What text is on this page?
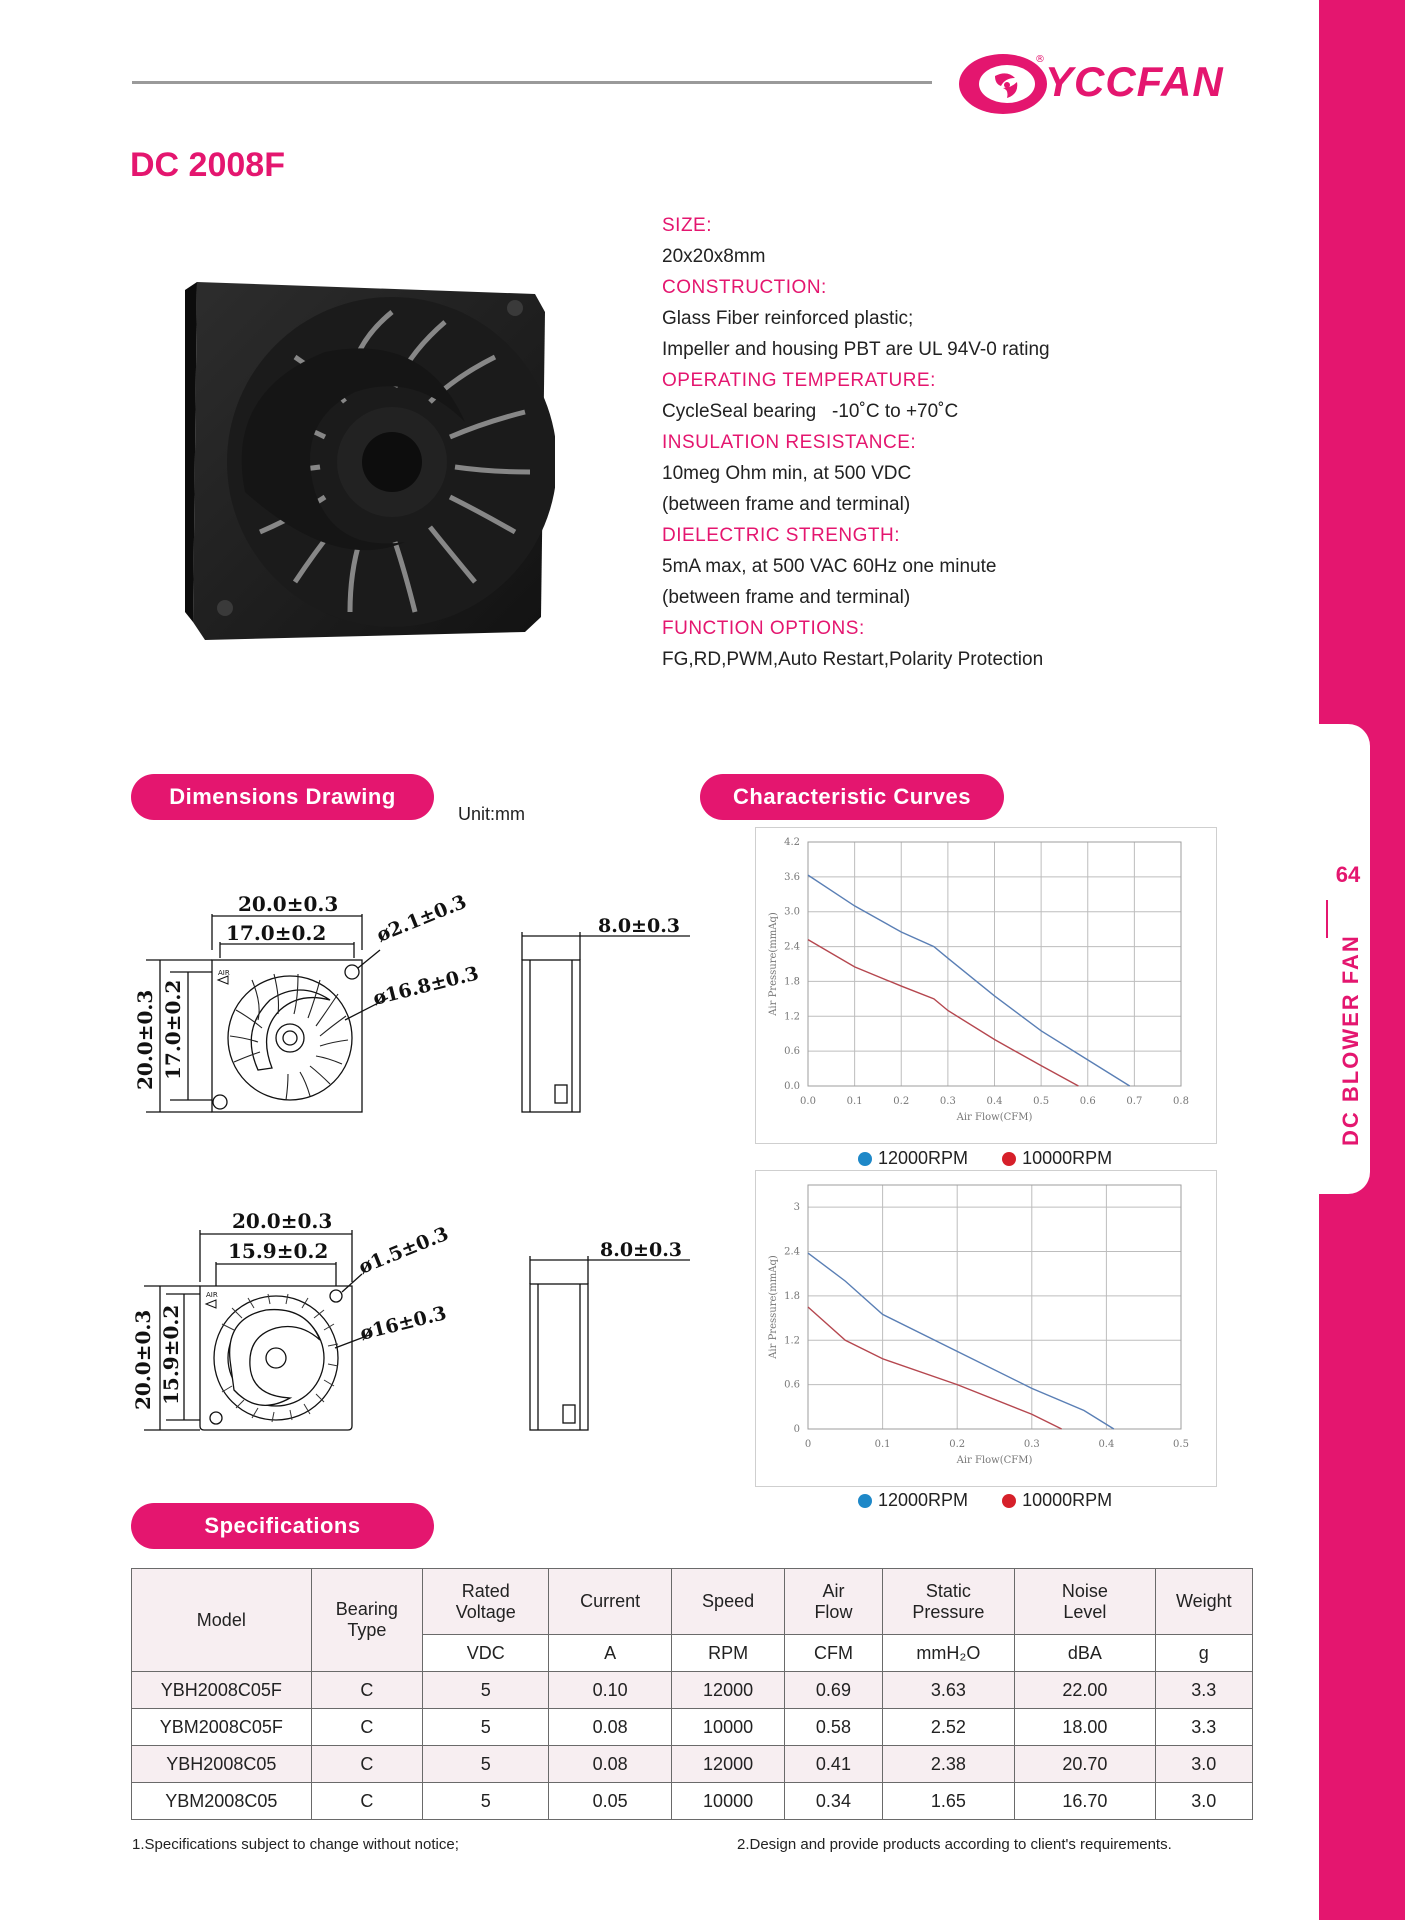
64
DC BLOWER FAN
® YCCFAN
DC 2008F
SIZE:
20x20x8mm
CONSTRUCTION:
Glass Fiber reinforced plastic;
Impeller and housing PBT are UL 94V-0 rating
OPERATING TEMPERATURE:
CycleSeal bearing   -10˚C to +70˚C
INSULATION RESISTANCE:
10meg Ohm min, at 500 VDC
(between frame and terminal)
DIELECTRIC STRENGTH:
5mA max, at 500 VAC 60Hz one minute
(between frame and terminal)
FUNCTION OPTIONS:
FG,RD,PWM,Auto Restart,Polarity Protection
Dimensions Drawing
Unit:mm
Characteristic Curves
Specifications
20.0±0.3
17.0±0.2 ø2.1±0.3
ø16.8±0.3
20.0±0.3 17.0±0.2
8.0±0.3
AIR
20.0±0.3
15.9±0.2 ø1.5±0.3
ø16±0.3
20.0±0.3 15.9±0.2
8.0±0.3
AIR
0.0	0.1	0.2	0.3	0.4	0.5	0.6	0.7	0.8
0.0
0.6
1.2
1.8
2.4
3.0
3.6
4.2
Air Flow(CFM)
Air Pressure(mmAq)
12000RPM	10000RPM
0	0.1	0.2	0.3	0.4	0.5
0
0.6
1.2
1.8
2.4
3
Air Flow(CFM)
Air Pressure(mmAq)
12000RPM	10000RPM
Model	Bearing Type	Rated Voltage	Current	Speed	Air Flow	Static Pressure	Noise Level	Weight
		VDC	A	RPM	CFM	mmH₂O	dBA	g
YBH2008C05F	C	5	0.10	12000	0.69	3.63	22.00	3.3
YBM2008C05F	C	5	0.08	10000	0.58	2.52	18.00	3.3
YBH2008C05	C	5	0.08	12000	0.41	2.38	20.70	3.0
YBM2008C05	C	5	0.05	10000	0.34	1.65	16.70	3.0
1.Specifications subject to change without notice;	2.Design and provide products according to client's requirements.
